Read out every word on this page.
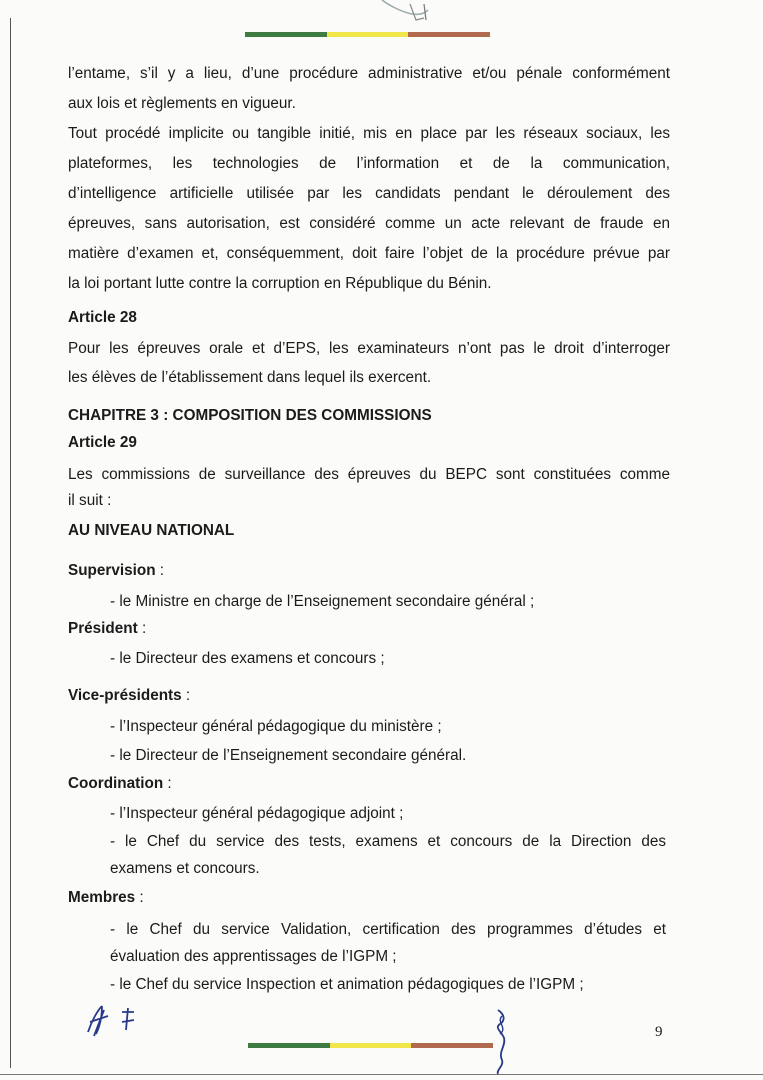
l’entame, s’il y a lieu, d’une procédure administrative et/ou pénale conformément
aux lois et règlements en vigueur.
Tout procédé implicite ou tangible initié, mis en place par les réseaux sociaux, les
plateformes, les technologies de l’information et de la communication,
d’intelligence artificielle utilisée par les candidats pendant le déroulement des
épreuves, sans autorisation, est considéré comme un acte relevant de fraude en
matière d’examen et, conséquemment, doit faire l’objet de la procédure prévue par
la loi portant lutte contre la corruption en République du Bénin.
Article 28
Pour les épreuves orale et d’EPS, les examinateurs n’ont pas le droit d’interroger
les élèves de l’établissement dans lequel ils exercent.
CHAPITRE 3 : COMPOSITION DES COMMISSIONS
Article 29
Les commissions de surveillance des épreuves du BEPC sont constituées comme
il suit :
AU NIVEAU NATIONAL
Supervision :
- le Ministre en charge de l’Enseignement secondaire général ;
Président :
- le Directeur des examens et concours ;
Vice-présidents :
- l’Inspecteur général pédagogique du ministère ;
- le Directeur de l’Enseignement secondaire général.
Coordination :
- l’Inspecteur général pédagogique adjoint ;
- le Chef du service des tests, examens et concours de la Direction des
examens et concours.
Membres :
- le Chef du service Validation, certification des programmes d’études et
évaluation des apprentissages de l’IGPM ;
- le Chef du service Inspection et animation pédagogiques de l’IGPM ;
9
